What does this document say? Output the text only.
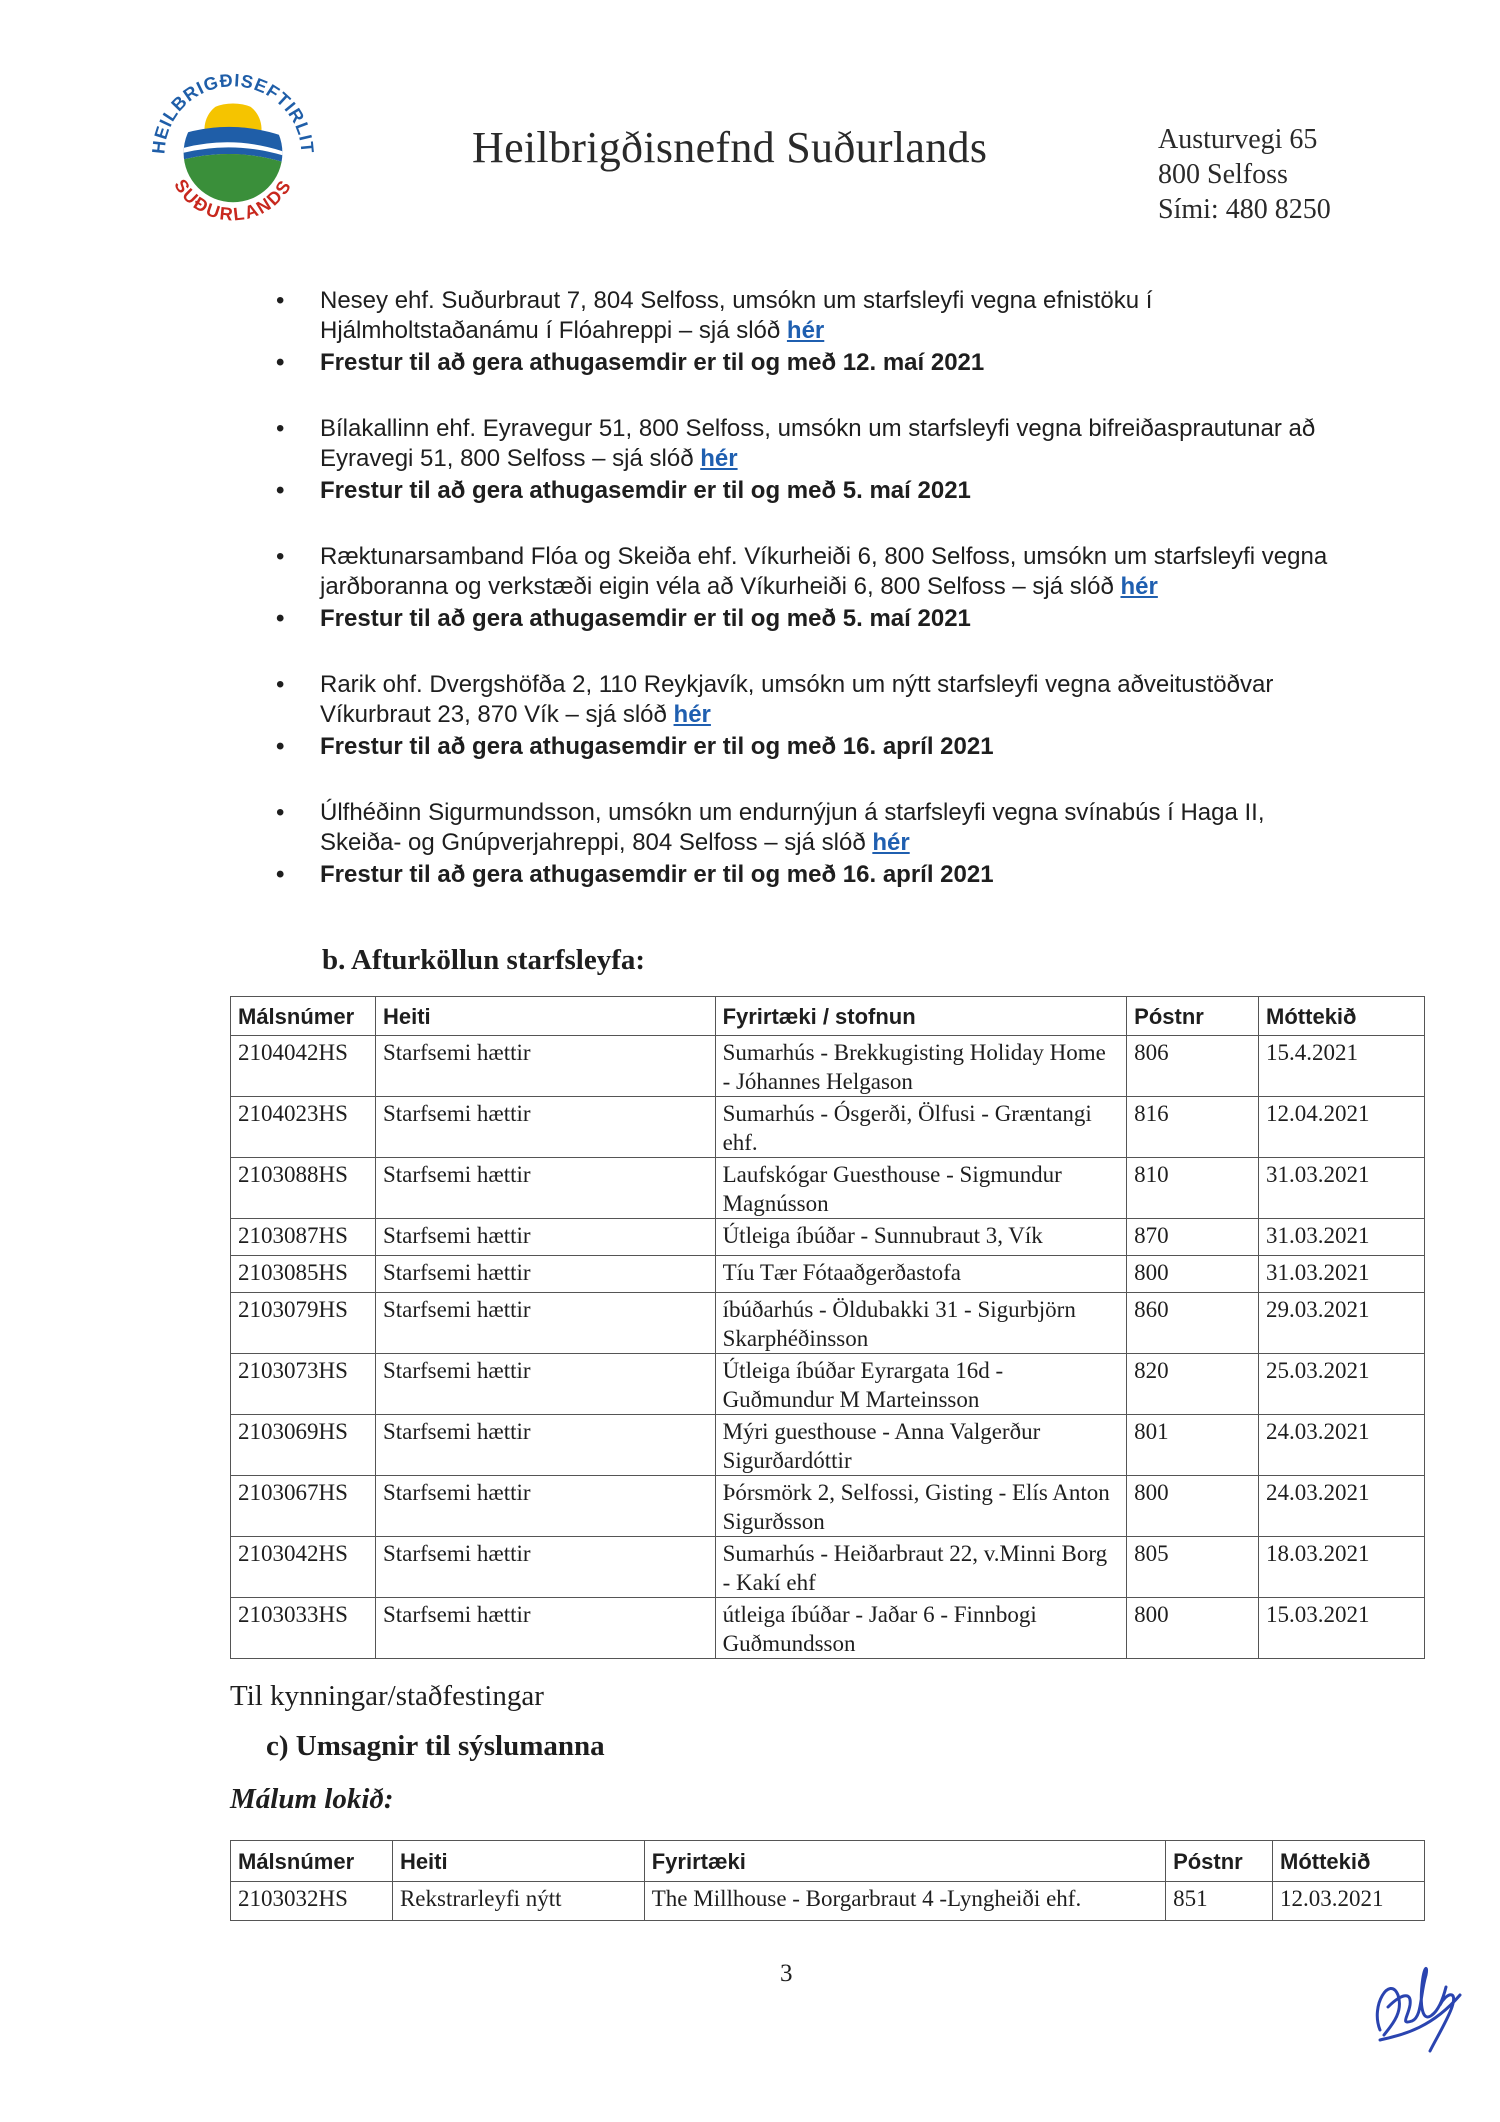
HEILBRIGÐISEFTIRLIT
SUÐURLANDS
Heilbrigðisnefnd Suðurlands	Austurvegi 65
800 Selfoss
Sími: 480 8250
• Nesey ehf. Suðurbraut 7, 804 Selfoss, umsókn um starfsleyfi vegna efnistöku í
Hjálmholtstaðanámu í Flóahreppi – sjá slóð hér
• Frestur til að gera athugasemdir er til og með 12. maí 2021
• Bílakallinn ehf. Eyravegur 51, 800 Selfoss, umsókn um starfsleyfi vegna bifreiðasprautunar að
Eyravegi 51, 800 Selfoss – sjá slóð hér
• Frestur til að gera athugasemdir er til og með 5. maí 2021
• Ræktunarsamband Flóa og Skeiða ehf. Víkurheiði 6, 800 Selfoss, umsókn um starfsleyfi vegna
jarðboranna og verkstæði eigin véla að Víkurheiði 6, 800 Selfoss – sjá slóð hér
• Frestur til að gera athugasemdir er til og með 5. maí 2021
• Rarik ohf. Dvergshöfða 2, 110 Reykjavík, umsókn um nýtt starfsleyfi vegna aðveitustöðvar
Víkurbraut 23, 870 Vík – sjá slóð hér
• Frestur til að gera athugasemdir er til og með 16. apríl 2021
• Úlfhéðinn Sigurmundsson, umsókn um endurnýjun á starfsleyfi vegna svínabús í Haga II,
Skeiða- og Gnúpverjahreppi, 804 Selfoss – sjá slóð hér
• Frestur til að gera athugasemdir er til og með 16. apríl 2021
b. Afturköllun starfsleyfa:
Málsnúmer	Heiti	Fyrirtæki / stofnun	Póstnr	Móttekið
2104042HS	Starfsemi hættir	Sumarhús - Brekkugisting Holiday Home - Jóhannes Helgason	806	15.4.2021
2104023HS	Starfsemi hættir	Sumarhús - Ósgerði, Ölfusi - Græntangi ehf.	816	12.04.2021
2103088HS	Starfsemi hættir	Laufskógar Guesthouse - Sigmundur Magnússon	810	31.03.2021
2103087HS	Starfsemi hættir	Útleiga íbúðar - Sunnubraut 3, Vík	870	31.03.2021
2103085HS	Starfsemi hættir	Tíu Tær Fótaaðgerðastofa	800	31.03.2021
2103079HS	Starfsemi hættir	íbúðarhús - Öldubakki 31 - Sigurbjörn Skarphéðinsson	860	29.03.2021
2103073HS	Starfsemi hættir	Útleiga íbúðar Eyrargata 16d - Guðmundur M Marteinsson	820	25.03.2021
2103069HS	Starfsemi hættir	Mýri guesthouse - Anna Valgerður Sigurðardóttir	801	24.03.2021
2103067HS	Starfsemi hættir	Þórsmörk 2, Selfossi, Gisting - Elís Anton Sigurðsson	800	24.03.2021
2103042HS	Starfsemi hættir	Sumarhús - Heiðarbraut 22, v.Minni Borg - Kakí ehf	805	18.03.2021
2103033HS	Starfsemi hættir	útleiga íbúðar - Jaðar 6 - Finnbogi Guðmundsson	800	15.03.2021
Til kynningar/staðfestingar
c) Umsagnir til sýslumanna
Málum lokið:
Málsnúmer	Heiti	Fyrirtæki	Póstnr	Móttekið
2103032HS	Rekstrarleyfi nýtt	The Millhouse - Borgarbraut 4 -Lyngheiði ehf.	851	12.03.2021
3
